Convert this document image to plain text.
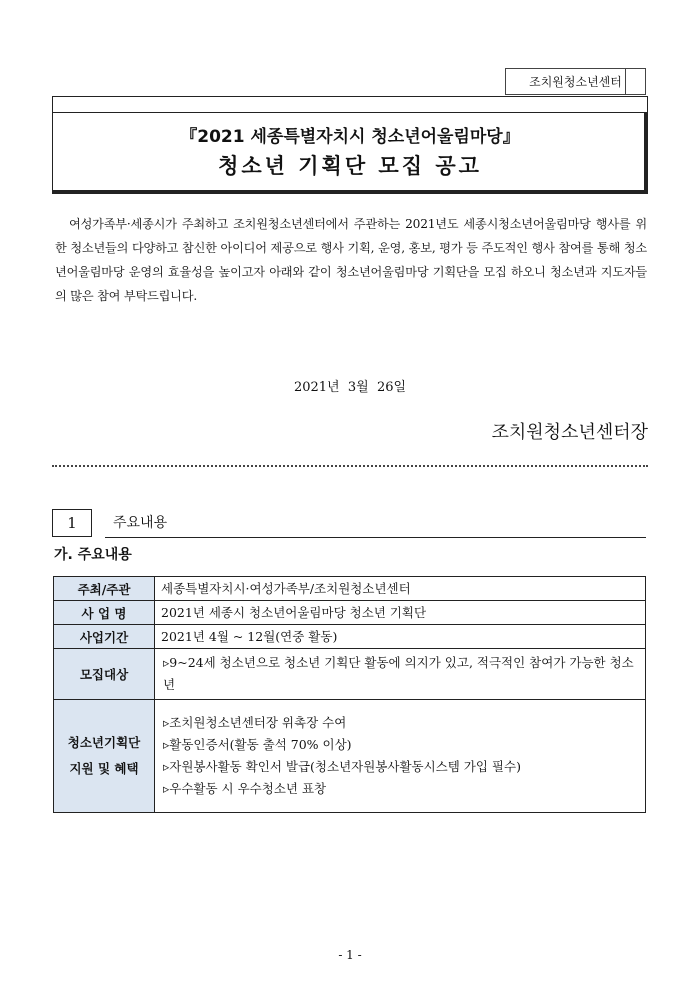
조치원청소년센터
『2021 세종특별자치시 청소년어울림마당』
청소년 기획단 모집 공고
여성가족부·세종시가 주최하고 조치원청소년센터에서 주관하는 2021년도 세종시청소년어울림마당 행사를 위한 청소년들의 다양하고 참신한 아이디어 제공으로 행사 기획, 운영, 홍보, 평가 등 주도적인 행사 참여를 통해 청소년어울림마당 운영의 효율성을 높이고자 아래와 같이 청소년어울림마당 기획단을 모집 하오니 청소년과 지도자들의 많은 참여 부탁드립니다.
2021년  3월  26일
조치원청소년센터장
1	주요내용
가. 주요내용
주최/주관	세종특별자치시·여성가족부/조치원청소년센터
사 업 명	2021년 세종시 청소년어울림마당 청소년 기획단
사업기간	2021년 4월 ~ 12월(연중 활동)
모집대상	▹9~24세 청소년으로 청소년 기획단 활동에 의지가 있고, 적극적인 참여가 가능한 청소년

청소년기획단
지원 및 혜택	▹조치원청소년센터장 위촉장 수여
▹활동인증서(활동 출석 70% 이상)
▹자원봉사활동 확인서 발급(청소년자원봉사활동시스템 가입 필수)
▹우수활동 시 우수청소년 표창
- 1 -
